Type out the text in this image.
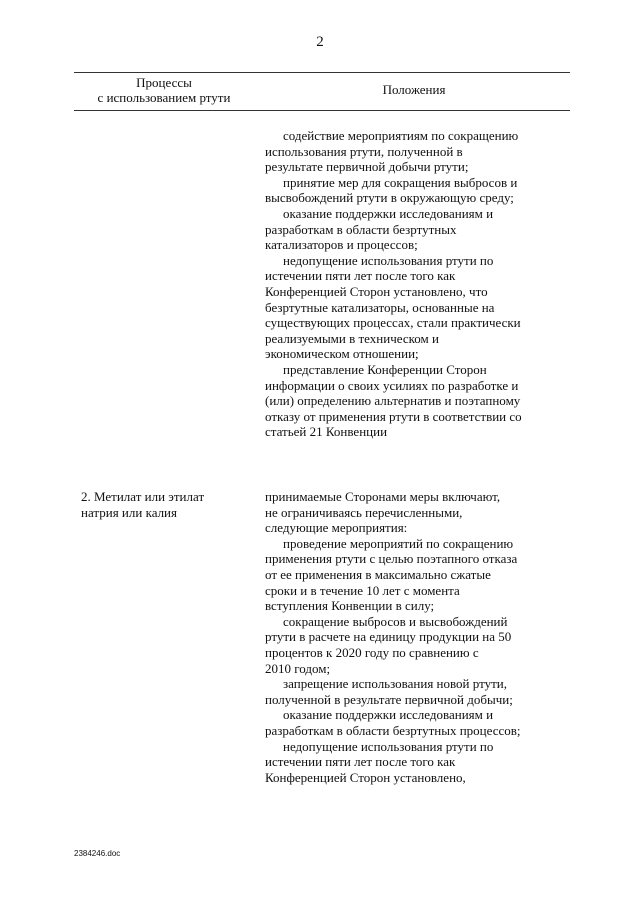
2
Процессы
с использованием ртути
Положения
содействие мероприятиям по сокращению
использования ртути, полученной в
результате первичной добычи ртути;
принятие мер для сокращения выбросов и
высвобождений ртути в окружающую среду;
оказание поддержки исследованиям и
разработкам в области безртутных
катализаторов и процессов;
недопущение использования ртути по
истечении пяти лет после того как
Конференцией Сторон установлено, что
безртутные катализаторы, основанные на
существующих процессах, стали практически
реализуемыми в техническом и
экономическом отношении;
представление Конференции Сторон
информации о своих усилиях по разработке и
(или) определению альтернатив и поэтапному
отказу от применения ртути в соответствии со
статьей 21 Конвенции
2. Метилат или этилат
натрия или калия
принимаемые Сторонами меры включают,
не ограничиваясь перечисленными,
следующие мероприятия:
проведение мероприятий по сокращению
применения ртути с целью поэтапного отказа
от ее применения в максимально сжатые
сроки и в течение 10 лет с момента
вступления Конвенции в силу;
сокращение выбросов и высвобождений
ртути в расчете на единицу продукции на 50
процентов к 2020 году по сравнению с
2010 годом;
запрещение использования новой ртути,
полученной в результате первичной добычи;
оказание поддержки исследованиям и
разработкам в области безртутных процессов;
недопущение использования ртути по
истечении пяти лет после того как
Конференцией Сторон установлено,
2384246.doc
